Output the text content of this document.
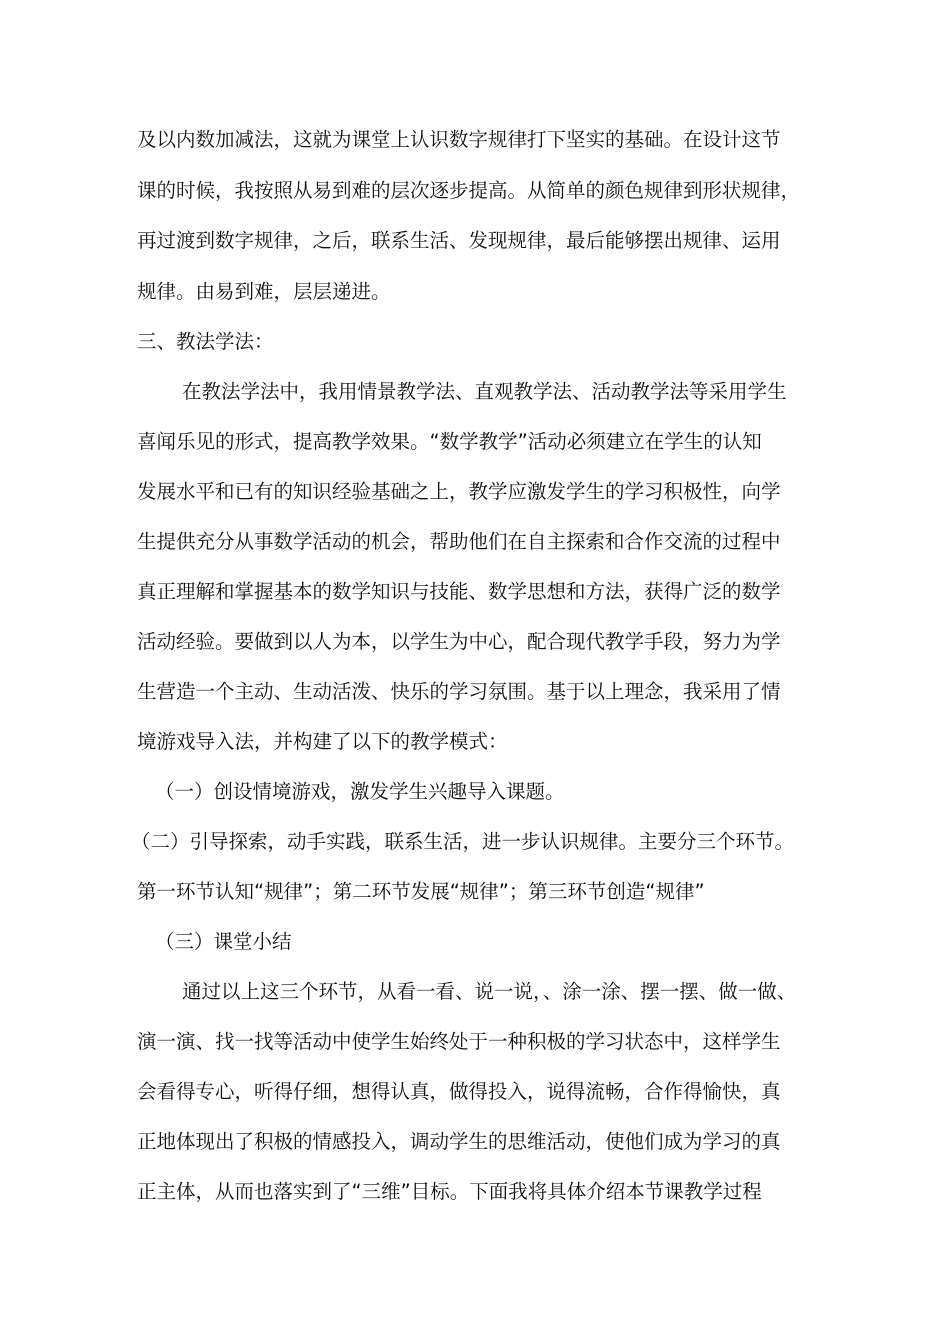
及以内数加减法，这就为课堂上认识数字规律打下坚实的基础。在设计这节
课的时候，我按照从易到难的层次逐步提高。从简单的颜色规律到形状规律，
再过渡到数字规律，之后，联系生活、发现规律，最后能够摆出规律、运用
规律。由易到难，层层递进。
三、教法学法：
在教法学法中，我用情景教学法、直观教学法、活动教学法等采用学生
喜闻乐见的形式，提高教学效果。“数学教学”活动必须建立在学生的认知
发展水平和已有的知识经验基础之上，教学应激发学生的学习积极性，向学
生提供充分从事数学活动的机会，帮助他们在自主探索和合作交流的过程中
真正理解和掌握基本的数学知识与技能、数学思想和方法，获得广泛的数学
活动经验。要做到以人为本，以学生为中心，配合现代教学手段，努力为学
生营造一个主动、生动活泼、快乐的学习氛围。基于以上理念，我采用了情
境游戏导入法，并构建了以下的教学模式：
（一）创设情境游戏，激发学生兴趣导入课题。
（二）引导探索，动手实践，联系生活，进一步认识规律。主要分三个环节。
第一环节认知“规律”；第二环节发展“规律”；第三环节创造“规律”
（三）课堂小结
通过以上这三个环节，从看一看、说一说，、涂一涂、摆一摆、做一做、
演一演、找一找等活动中使学生始终处于一种积极的学习状态中，这样学生
会看得专心，听得仔细，想得认真，做得投入，说得流畅，合作得愉快，真
正地体现出了积极的情感投入，调动学生的思维活动，使他们成为学习的真
正主体，从而也落实到了“三维”目标。下面我将具体介绍本节课教学过程
